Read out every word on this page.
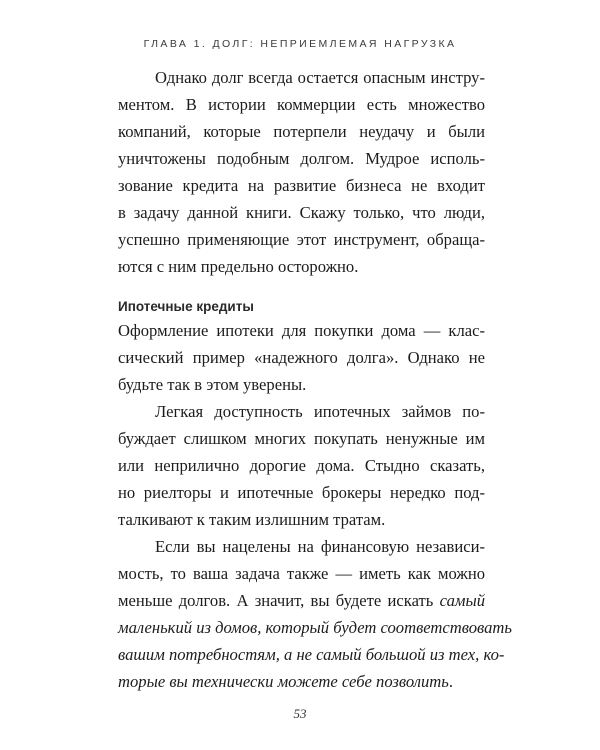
ГЛАВА 1. ДОЛГ: НЕПРИЕМЛЕМАЯ НАГРУЗКА
Однако долг всегда остается опасным инстру-
ментом. В истории коммерции есть множество
компаний, которые потерпели неудачу и были
уничтожены подобным долгом. Мудрое исполь-
зование кредита на развитие бизнеса не входит
в задачу данной книги. Скажу только, что люди,
успешно применяющие этот инструмент, обраща-
ются с ним предельно осторожно.
Ипотечные кредиты
Оформление ипотеки для покупки дома — клас-
сический пример «надежного долга». Однако не
будьте так в этом уверены.
Легкая доступность ипотечных займов по-
буждает слишком многих покупать ненужные им
или неприлично дорогие дома. Стыдно сказать,
но риелторы и ипотечные брокеры нередко под-
талкивают к таким излишним тратам.
Если вы нацелены на финансовую независи-
мость, то ваша задача также — иметь как можно
меньше долгов. А значит, вы будете искать самый
маленький из домов, который будет соответствовать
вашим потребностям, а не самый большой из тех, ко-
торые вы технически можете себе позволить.
53
